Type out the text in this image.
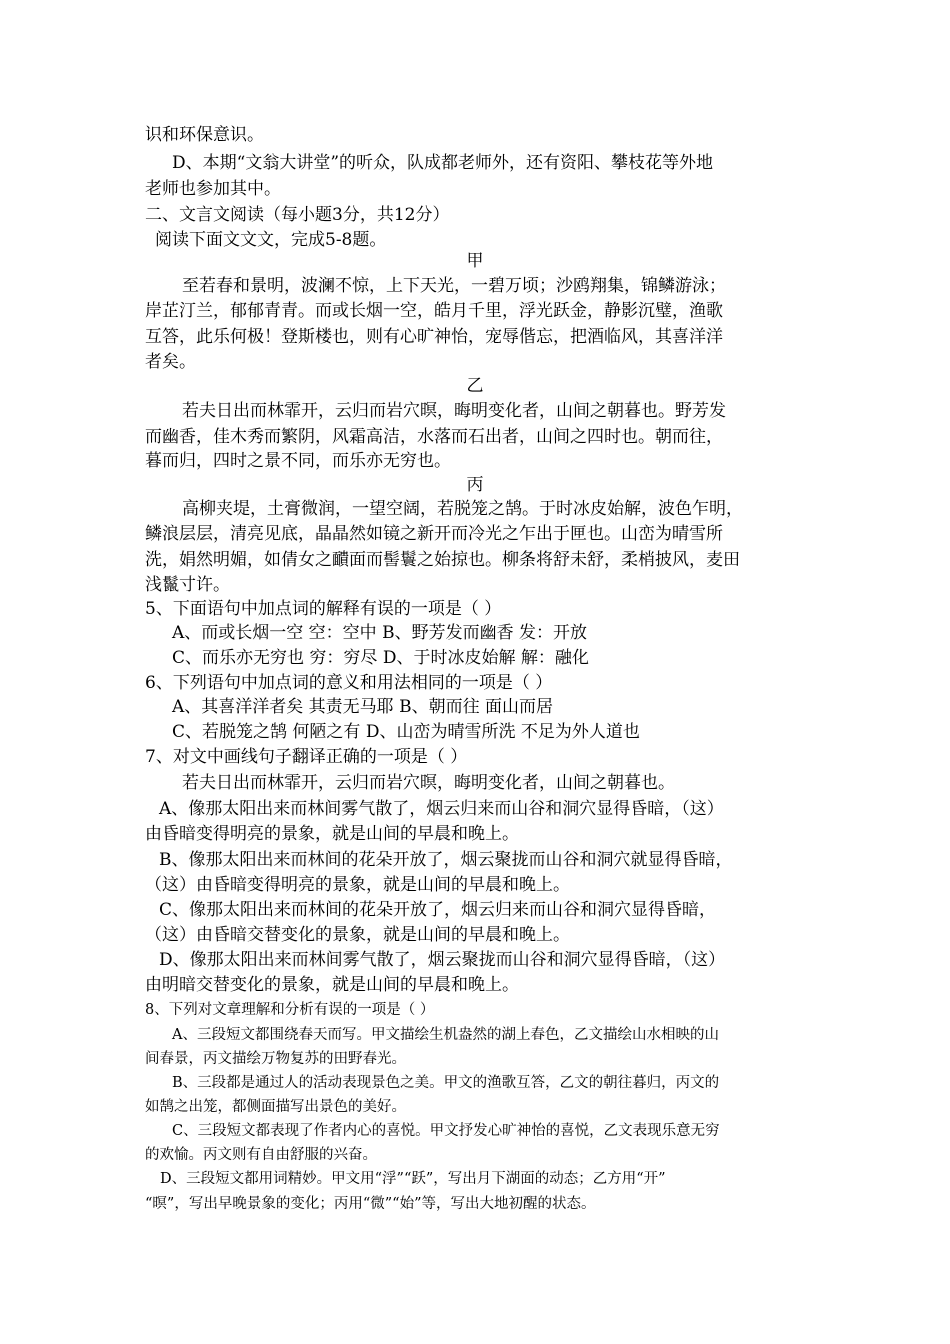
识和环保意识。
D、本期“文翁大讲堂”的听众，队成都老师外，还有资阳、攀枝花等外地
老师也参加其中。
二、文言文阅读（每小题3分，共12分）
阅读下面文文文，完成5-8题。
甲
至若春和景明，波澜不惊，上下天光，一碧万顷；沙鸥翔集，锦鳞游泳；
岸芷汀兰，郁郁青青。而或长烟一空，皓月千里，浮光跃金，静影沉璧，渔歌
互答，此乐何极！登斯楼也，则有心旷神怡，宠辱偕忘，把酒临风，其喜洋洋
者矣。
乙
若夫日出而林霏开，云归而岩穴暝，晦明变化者，山间之朝暮也。野芳发
而幽香，佳木秀而繁阴，风霜高洁，水落而石出者，山间之四时也。朝而往，
暮而归，四时之景不同，而乐亦无穷也。
丙
高柳夹堤，土膏微润，一望空阔，若脱笼之鹄。于时冰皮始解，波色乍明，
鳞浪层层，清亮见底，晶晶然如镜之新开而冷光之乍出于匣也。山峦为晴雪所
洗，娟然明媚，如倩女之靧面而髻鬟之始掠也。柳条将舒未舒，柔梢披风，麦田
浅鬣寸许。
5、下面语句中加点词的解释有误的一项是（ ）
A、而或长烟一空 空：空中 B、野芳发而幽香 发：开放
C、而乐亦无穷也 穷：穷尽 D、于时冰皮始解 解：融化
6、下列语句中加点词的意义和用法相同的一项是（ ）
A、其喜洋洋者矣 其责无马耶 B、朝而往 面山而居
C、若脱笼之鹄 何陋之有 D、山峦为晴雪所洗 不足为外人道也
7、对文中画线句子翻译正确的一项是（ ）
若夫日出而林霏开，云归而岩穴暝，晦明变化者，山间之朝暮也。
A、像那太阳出来而林间雾气散了，烟云归来而山谷和洞穴显得昏暗，（这）
由昏暗变得明亮的景象，就是山间的早晨和晚上。
B、像那太阳出来而林间的花朵开放了，烟云聚拢而山谷和洞穴就显得昏暗，
（这）由昏暗变得明亮的景象，就是山间的早晨和晚上。
C、像那太阳出来而林间的花朵开放了，烟云归来而山谷和洞穴显得昏暗，
（这）由昏暗交替变化的景象，就是山间的早晨和晚上。
D、像那太阳出来而林间雾气散了，烟云聚拢而山谷和洞穴显得昏暗，（这）
由明暗交替变化的景象，就是山间的早晨和晚上。
8、下列对文章理解和分析有误的一项是（ ）
A、三段短文都围绕春天而写。甲文描绘生机盎然的湖上春色，乙文描绘山水相映的山
间春景，丙文描绘万物复苏的田野春光。
B、三段都是通过人的活动表现景色之美。甲文的渔歌互答，乙文的朝往暮归，丙文的
如鹄之出笼，都侧面描写出景色的美好。
C、三段短文都表现了作者内心的喜悦。甲文抒发心旷神怡的喜悦，乙文表现乐意无穷
的欢愉。丙文则有自由舒服的兴奋。
D、三段短文都用词精妙。甲文用“浮”“跃”，写出月下湖面的动态；乙方用“开”
“暝”，写出早晚景象的变化；丙用“微”“始”等，写出大地初醒的状态。
